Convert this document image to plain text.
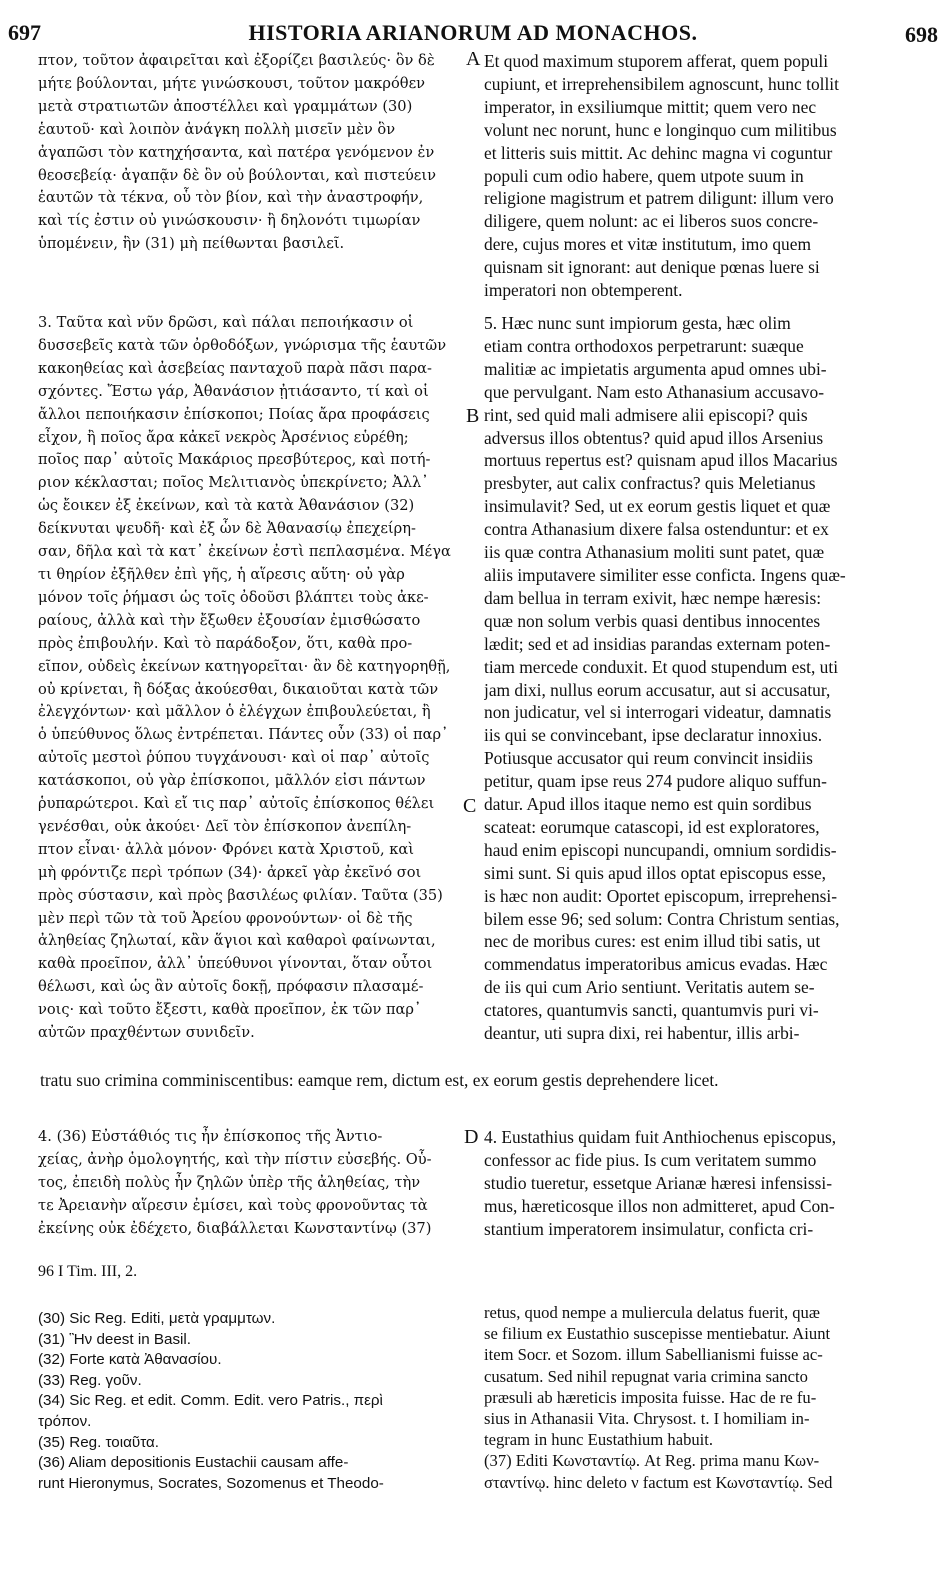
697	HISTORIA ARIANORUM AD MONACHOS.	698
πτον, τοῦτον ἀφαιρεῖται καὶ ἐξορίζει βασιλεύς· ὃν δὲ
μήτε βούλονται, μήτε γινώσκουσι, τοῦτον μακρόθεν
μετὰ στρατιωτῶν ἀποστέλλει καὶ γραμμάτων (30)
ἑαυτοῦ· καὶ λοιπὸν ἀνάγκη πολλὴ μισεῖν μὲν ὃν
ἀγαπῶσι τὸν κατηχήσαντα, καὶ πατέρα γενόμενον ἐν
θεοσεβείᾳ· ἀγαπᾷν δὲ ὃν οὐ βούλονται, καὶ πιστεύειν
ἑαυτῶν τὰ τέκνα, οὗ τὸν βίον, καὶ τὴν ἀναστροφήν,
καὶ τίς ἐστιν οὐ γινώσκουσιν· ἢ δηλονότι τιμωρίαν
ὑπομένειν, ἣν (31) μὴ πείθωνται βασιλεῖ.
Et quod maximum stuporem afferat, quem populi
cupiunt, et irreprehensibilem agnoscunt, hunc tollit
imperator, in exsiliumque mittit; quem vero nec
volunt nec norunt, hunc e longinquo cum militibus
et litteris suis mittit. Ac dehinc magna vi coguntur
populi cum odio habere, quem utpote suum in
religione magistrum et patrem diligunt: illum vero
diligere, quem nolunt: ac ei liberos suos concre-
dere, cujus mores et vitæ institutum, imo quem
quisnam sit ignorant: aut denique pœnas luere si
imperatori non obtemperent.
3. Ταῦτα καὶ νῦν δρῶσι, καὶ πάλαι πεποιήκασιν οἱ
δυσσεβεῖς κατὰ τῶν ὀρθοδόξων, γνώρισμα τῆς ἑαυτῶν
κακοηθείας καὶ ἀσεβείας πανταχοῦ παρὰ πᾶσι παρα-
σχόντες. Ἔστω γάρ, Ἀθανάσιον ᾐτιάσαντο, τί καὶ οἱ
ἄλλοι πεποιήκασιν ἐπίσκοποι; Ποίας ἄρα προφάσεις
εἶχον, ἢ ποῖος ἄρα κἀκεῖ νεκρὸς Ἀρσένιος εὑρέθη;
ποῖος παρ᾽ αὐτοῖς Μακάριος πρεσβύτερος, καὶ ποτή-
ριον κέκλασται; ποῖος Μελιτιανὸς ὑπεκρίνετο; Ἀλλ᾽
ὡς ἔοικεν ἐξ ἐκείνων, καὶ τὰ κατὰ Ἀθανάσιον (32)
δείκνυται ψευδῆ· καὶ ἐξ ὧν δὲ Ἀθανασίῳ ἐπεχείρη-
σαν, δῆλα καὶ τὰ κατ᾽ ἐκείνων ἐστὶ πεπλασμένα. Μέγα
τι θηρίον ἐξῆλθεν ἐπὶ γῆς, ἡ αἵρεσις αὕτη· οὐ γὰρ
μόνον τοῖς ῥήμασι ὡς τοῖς ὀδοῦσι βλάπτει τοὺς ἀκε-
ραίους, ἀλλὰ καὶ τὴν ἔξωθεν ἐξουσίαν ἐμισθώσατο
πρὸς ἐπιβουλήν. Καὶ τὸ παράδοξον, ὅτι, καθὰ προ-
εῖπον, οὐδεὶς ἐκείνων κατηγορεῖται· ἂν δὲ κατηγορηθῇ,
οὐ κρίνεται, ἢ δόξας ἀκούεσθαι, δικαιοῦται κατὰ τῶν
ἐλεγχόντων· καὶ μᾶλλον ὁ ἐλέγχων ἐπιβουλεύεται, ἢ
ὁ ὑπεύθυνος ὅλως ἐντρέπεται. Πάντες οὖν (33) οἱ παρ᾽
αὐτοῖς μεστοὶ ῥύπου τυγχάνουσι· καὶ οἱ παρ᾽ αὐτοῖς
κατάσκοποι, οὐ γὰρ ἐπίσκοποι, μᾶλλόν εἰσι πάντων
ῥυπαρώτεροι. Καὶ εἴ τις παρ᾽ αὐτοῖς ἐπίσκοπος θέλει
γενέσθαι, οὐκ ἀκούει· Δεῖ τὸν ἐπίσκοπον ἀνεπίλη-
πτον εἶναι· ἀλλὰ μόνον· Φρόνει κατὰ Χριστοῦ, καὶ
μὴ φρόντιζε περὶ τρόπων (34)· ἀρκεῖ γὰρ ἐκεῖνό σοι
πρὸς σύστασιν, καὶ πρὸς βασιλέως φιλίαν. Ταῦτα (35)
μὲν περὶ τῶν τὰ τοῦ Ἀρείου φρονούντων· οἱ δὲ τῆς
ἀληθείας ζηλωταί, κἂν ἅγιοι καὶ καθαροὶ φαίνωνται,
καθὰ προεῖπον, ἀλλ᾽ ὑπεύθυνοι γίνονται, ὅταν οὗτοι
θέλωσι, καὶ ὡς ἂν αὐτοῖς δοκῇ, πρόφασιν πλασαμέ-
νοις· καὶ τοῦτο ἔξεστι, καθὰ προεῖπον, ἐκ τῶν παρ᾽
αὐτῶν πραχθέντων συνιδεῖν.
5. Hæc nunc sunt impiorum gesta, hæc olim
etiam contra orthodoxos perpetrarunt: suæque
malitiæ ac impietatis argumenta apud omnes ubi-
que pervulgant. Nam esto Athanasium accusavo-
rint, sed quid mali admisere alii episcopi? quis
adversus illos obtentus? quid apud illos Arsenius
mortuus repertus est? quisnam apud illos Macarius
presbyter, aut calix confractus? quis Meletianus
insimulavit? Sed, ut ex eorum gestis liquet et quæ
contra Athanasium dixere falsa ostenduntur: et ex
iis quæ contra Athanasium moliti sunt patet, quæ
aliis imputavere similiter esse conficta. Ingens quæ-
dam bellua in terram exivit, hæc nempe hæresis:
quæ non solum verbis quasi dentibus innocentes
lædit; sed et ad insidias parandas externam poten-
tiam mercede conduxit. Et quod stupendum est, uti
jam dixi, nullus eorum accusatur, aut si accusatur,
non judicatur, vel si interrogari videatur, damnatis
iis qui se convincebant, ipse declaratur innoxius.
Potiusque accusator qui reum convincit insidiis
petitur, quam ipse reus 274 pudore aliquo suffun-
datur. Apud illos itaque nemo est quin sordibus
scateat: eorumque catascopi, id est exploratores,
haud enim episcopi nuncupandi, omnium sordidis-
simi sunt. Si quis apud illos optat episcopus esse,
is hæc non audit: Oportet episcopum, irreprehensi-
bilem esse 96; sed solum: Contra Christum sentias,
nec de moribus cures: est enim illud tibi satis, ut
commendatus imperatoribus amicus evadas. Hæc
de iis qui cum Ario sentiunt. Veritatis autem se-
ctatores, quantumvis sancti, quantumvis puri vi-
deantur, uti supra dixi, rei habentur, illis arbi-
tratu suo crimina comminiscentibus: eamque rem, dictum est, ex eorum gestis deprehendere licet.
4. (36) Εὐστάθιός τις ἦν ἐπίσκοπος τῆς Ἀντιο-
χείας, ἀνὴρ ὁμολογητής, καὶ τὴν πίστιν εὐσεβής. Οὗ-
τος, ἐπειδὴ πολὺς ἦν ζηλῶν ὑπὲρ τῆς ἀληθείας, τὴν
τε Ἀρειανὴν αἵρεσιν ἐμίσει, καὶ τοὺς φρονοῦντας τὰ
ἐκείνης οὐκ ἐδέχετο, διαβάλλεται Κωνσταντίνῳ (37)
4. Eustathius quidam fuit Anthiochenus episcopus,
confessor ac fide pius. Is cum veritatem summo
studio tueretur, essetque Arianæ hæresi infensissi-
mus, hæreticosque illos non admitteret, apud Con-
stantium imperatorem insimulatur, conficta cri-
A
B
C
D
96 I Tim. III, 2.
(30) Sic Reg. Editi, μετὰ γραμμτων.
(31) Ἣν deest in Basil.
(32) Forte κατὰ Ἀθανασίου.
(33) Reg. γοῦν.
(34) Sic Reg. et edit. Comm. Edit. vero Patris., περὶ
τρόπον.
(35) Reg. τοιαῦτα.
(36) Aliam depositionis Eustachii causam affe-
runt Hieronymus, Socrates, Sozomenus et Theodo-
retus, quod nempe a muliercula delatus fuerit, quæ
se filium ex Eustathio suscepisse mentiebatur. Aiunt
item Socr. et Sozom. illum Sabellianismi fuisse ac-
cusatum. Sed nihil repugnat varia crimina sancto
præsuli ab hæreticis imposita fuisse. Hac de re fu-
sius in Athanasii Vita. Chrysost. t. I homiliam in-
tegram in hunc Eustathium habuit.
(37) Editi Κωνσταντίῳ. At Reg. prima manu Κων-
σταντίνῳ. hinc deleto ν factum est Κωνσταντίῳ. Sed
